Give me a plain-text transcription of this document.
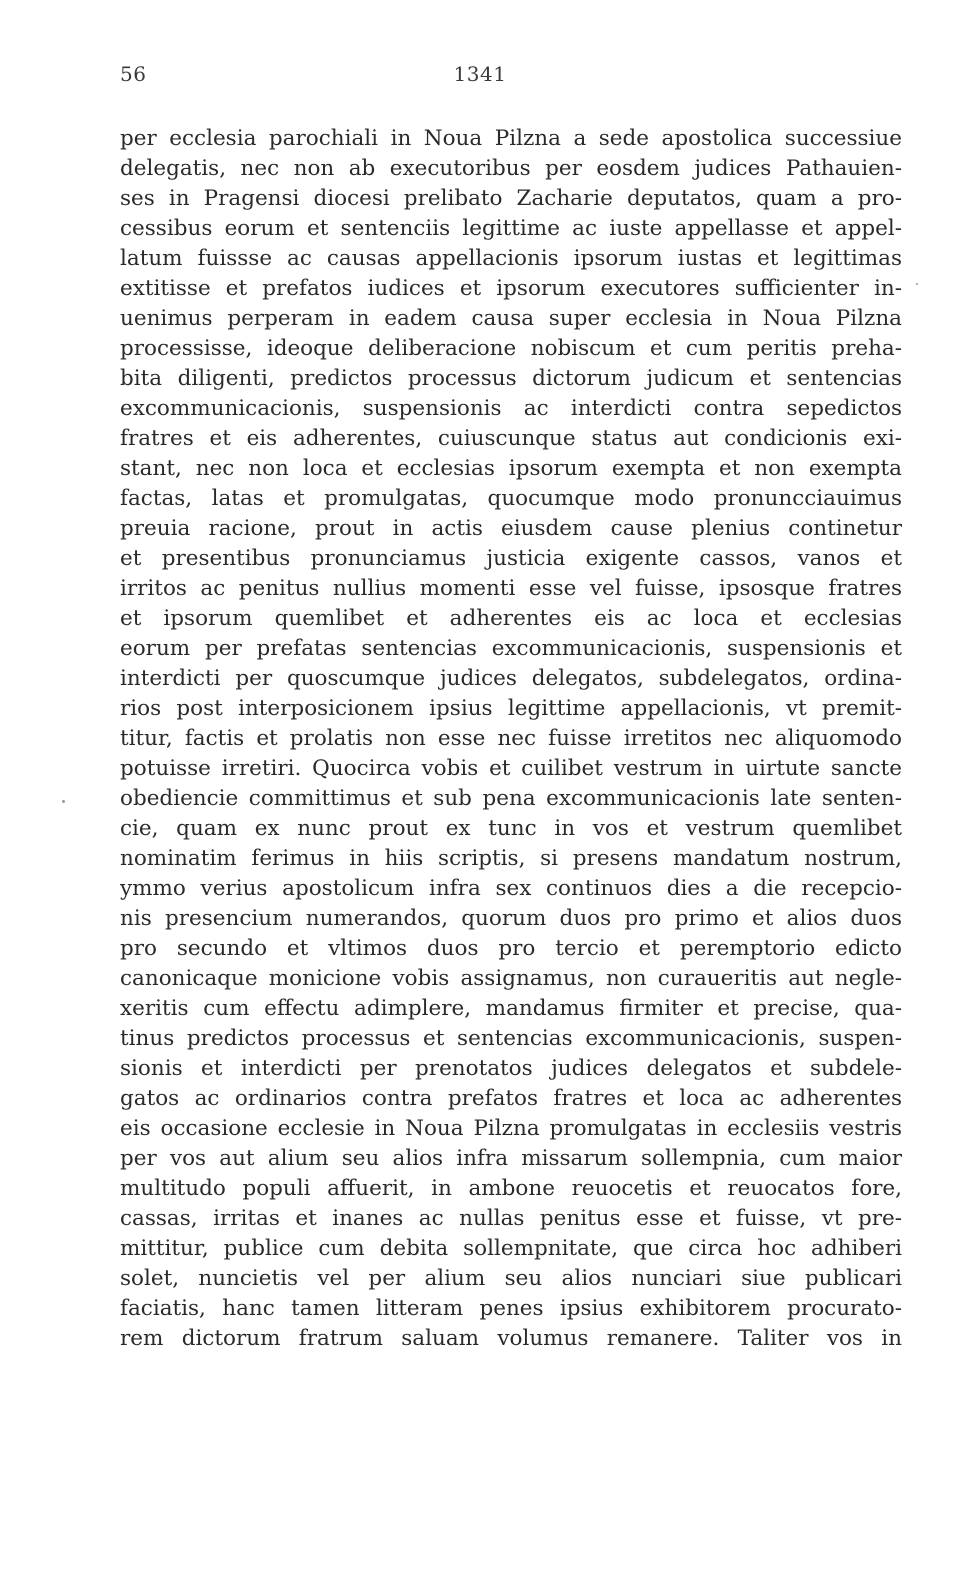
56	1341
per ecclesia parochiali in Noua Pilzna a sede apostolica successiue
delegatis, nec non ab executoribus per eosdem judices Pathauien-
ses in Pragensi diocesi prelibato Zacharie deputatos, quam a pro-
cessibus eorum et sentenciis legittime ac iuste appellasse et appel-
latum fuissse ac causas appellacionis ipsorum iustas et legittimas
extitisse et prefatos iudices et ipsorum executores sufficienter in-
uenimus perperam in eadem causa super ecclesia in Noua Pilzna
processisse, ideoque deliberacione nobiscum et cum peritis preha-
bita diligenti, predictos processus dictorum judicum et sentencias
excommunicacionis, suspensionis ac interdicti contra sepedictos
fratres et eis adherentes, cuiuscunque status aut condicionis exi-
stant, nec non loca et ecclesias ipsorum exempta et non exempta
factas, latas et promulgatas, quocumque modo pronuncciauimus
preuia racione, prout in actis eiusdem cause plenius continetur
et presentibus pronunciamus justicia exigente cassos, vanos et
irritos ac penitus nullius momenti esse vel fuisse, ipsosque fratres
et ipsorum quemlibet et adherentes eis ac loca et ecclesias
eorum per prefatas sentencias excommunicacionis, suspensionis et
interdicti per quoscumque judices delegatos, subdelegatos, ordina-
rios post interposicionem ipsius legittime appellacionis, vt premit-
titur, factis et prolatis non esse nec fuisse irretitos nec aliquomodo
potuisse irretiri. Quocirca vobis et cuilibet vestrum in uirtute sancte
obediencie committimus et sub pena excommunicacionis late senten-
cie, quam ex nunc prout ex tunc in vos et vestrum quemlibet
nominatim ferimus in hiis scriptis, si presens mandatum nostrum,
ymmo verius apostolicum infra sex continuos dies a die recepcio-
nis presencium numerandos, quorum duos pro primo et alios duos
pro secundo et vltimos duos pro tercio et peremptorio edicto
canonicaque monicione vobis assignamus, non curaueritis aut negle-
xeritis cum effectu adimplere, mandamus firmiter et precise, qua-
tinus predictos processus et sentencias excommunicacionis, suspen-
sionis et interdicti per prenotatos judices delegatos et subdele-
gatos ac ordinarios contra prefatos fratres et loca ac adherentes
eis occasione ecclesie in Noua Pilzna promulgatas in ecclesiis vestris
per vos aut alium seu alios infra missarum sollempnia, cum maior
multitudo populi affuerit, in ambone reuocetis et reuocatos fore,
cassas, irritas et inanes ac nullas penitus esse et fuisse, vt pre-
mittitur, publice cum debita sollempnitate, que circa hoc adhiberi
solet, nuncietis vel per alium seu alios nunciari siue publicari
faciatis, hanc tamen litteram penes ipsius exhibitorem procurato-
rem dictorum fratrum saluam volumus remanere. Taliter vos in
